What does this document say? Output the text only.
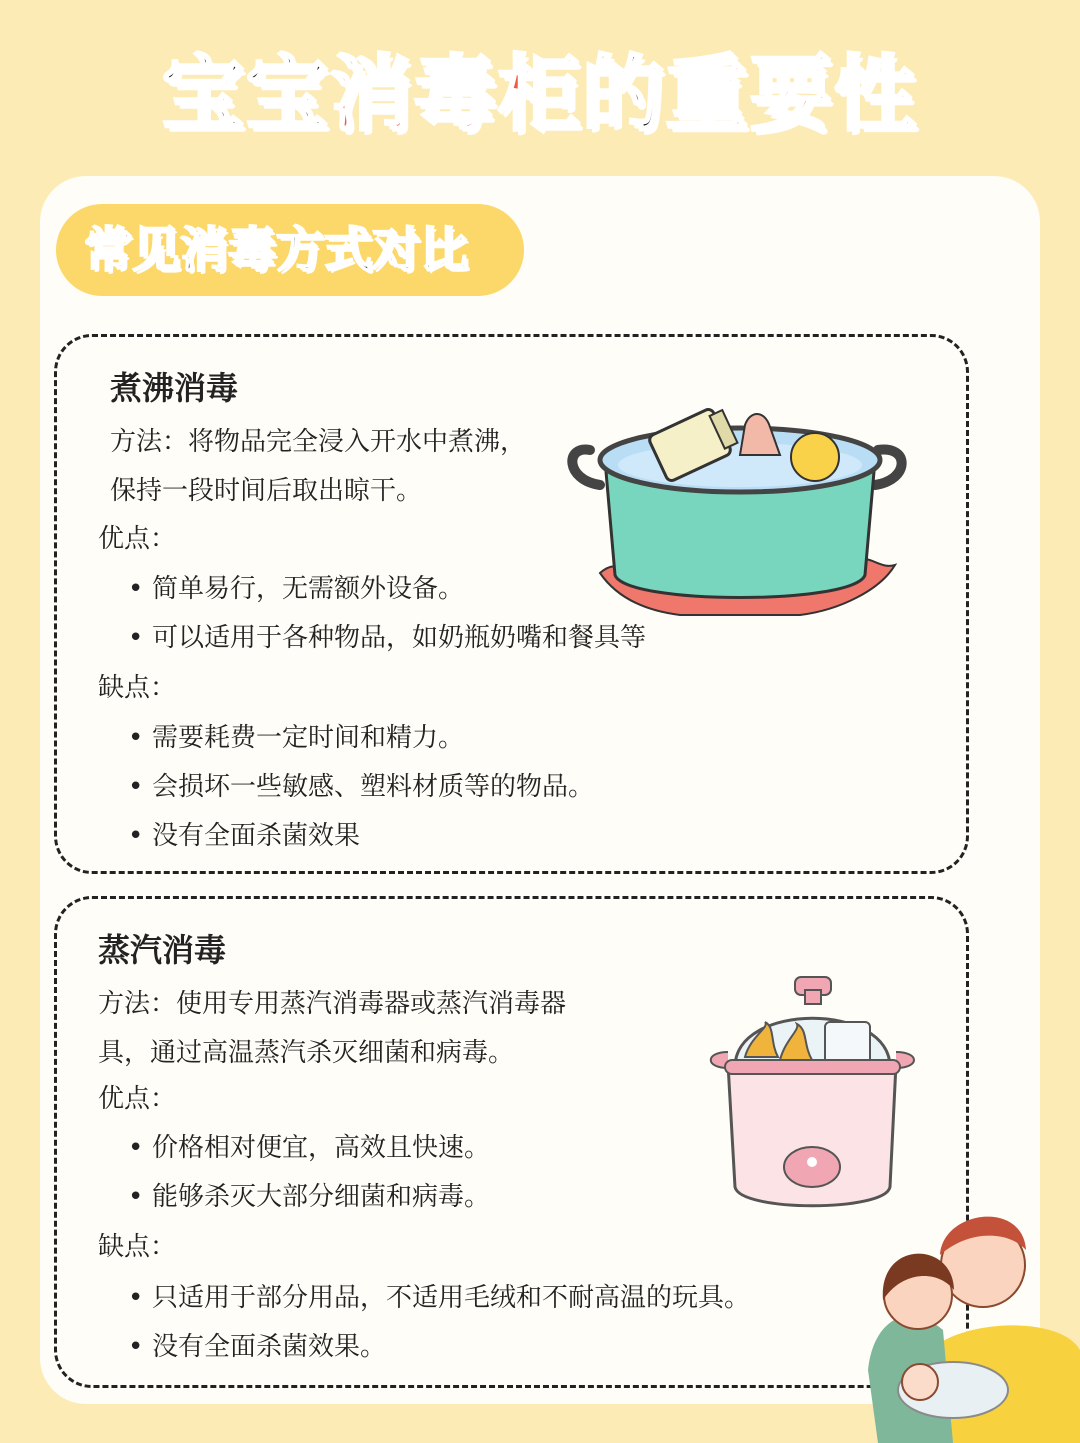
宝宝消毒柜的重要性
常见消毒方式对比
煮沸消毒
方法：将物品完全浸入开水中煮沸，
保持一段时间后取出晾干。
优点：
• 简单易行，无需额外设备。
• 可以适用于各种物品，如奶瓶奶嘴和餐具等
缺点：
• 需要耗费一定时间和精力。
• 会损坏一些敏感、塑料材质等的物品。
• 没有全面杀菌效果
蒸汽消毒
方法：使用专用蒸汽消毒器或蒸汽消毒器
具，通过高温蒸汽杀灭细菌和病毒。
优点：
• 价格相对便宜，高效且快速。
• 能够杀灭大部分细菌和病毒。
缺点：
• 只适用于部分用品，不适用毛绒和不耐高温的玩具。
• 没有全面杀菌效果。
